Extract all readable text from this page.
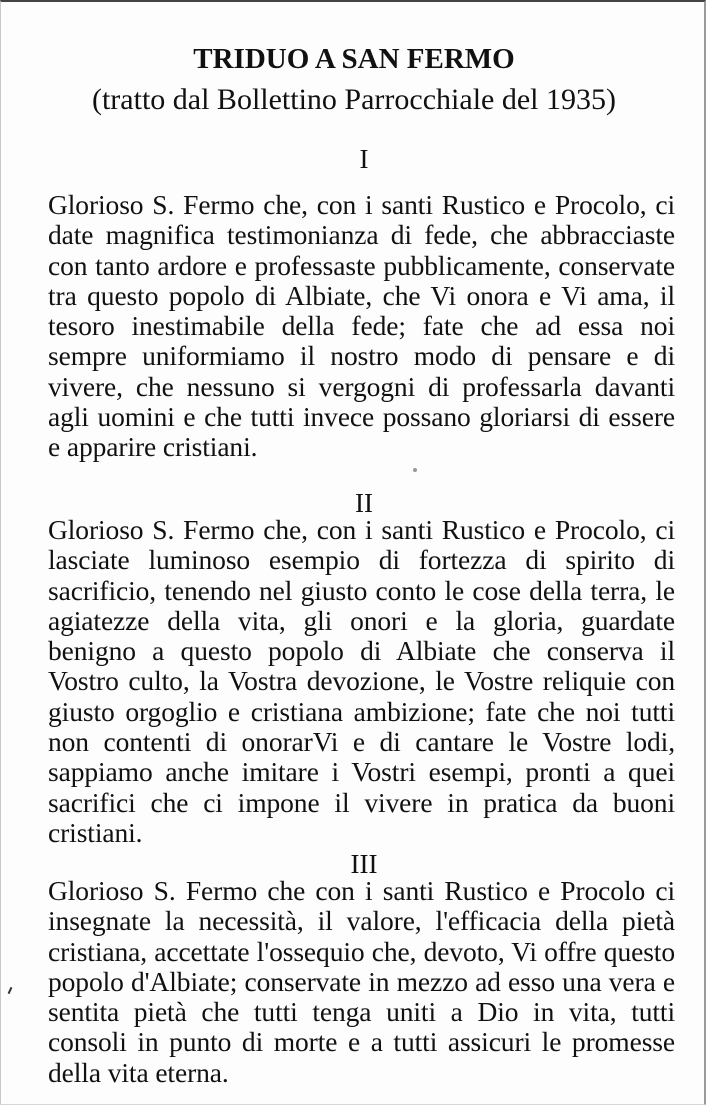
TRIDUO A SAN FERMO

(tratto dal Bollettino Parrocchiale del 1935)

I

Glorioso S. Fermo che, con i santi Rustico e Procolo, ci date magnifica testimonianza di fede, che abbracciaste con tanto ardore e professaste pubblicamente, conservate tra questo popolo di Albiate, che Vi onora e Vi ama, il tesoro inestimabile della fede; fate che ad essa noi sempre uniformiamo il nostro modo di pensare e di vivere, che nessuno si vergogni di professarla davanti agli uomini e che tutti invece possano gloriarsi di essere e apparire cristiani.

II

Glorioso S. Fermo che, con i santi Rustico e Procolo, ci lasciate luminoso esempio di fortezza di spirito di sacrificio, tenendo nel giusto conto le cose della terra, le agiatezze della vita, gli onori e la gloria, guardate benigno a questo popolo di Albiate che conserva il Vostro culto, la Vostra devozione, le Vostre reliquie con giusto orgoglio e cristiana ambizione; fate che noi tutti non contenti di onorarVi e di cantare le Vostre lodi, sappiamo anche imitare i Vostri esempi, pronti a quei sacrifici che ci impone il vivere in pratica da buoni cristiani.

III

Glorioso S. Fermo che con i santi Rustico e Procolo ci insegnate la necessità, il valore, l'efficacia della pietà cristiana, accettate l'ossequio che, devoto, Vi offre questo popolo d'Albiate; conservate in mezzo ad esso una vera e sentita pietà che tutti tenga uniti a Dio in vita, tutti consoli in punto di morte e a tutti assicuri le promesse della vita eterna.
